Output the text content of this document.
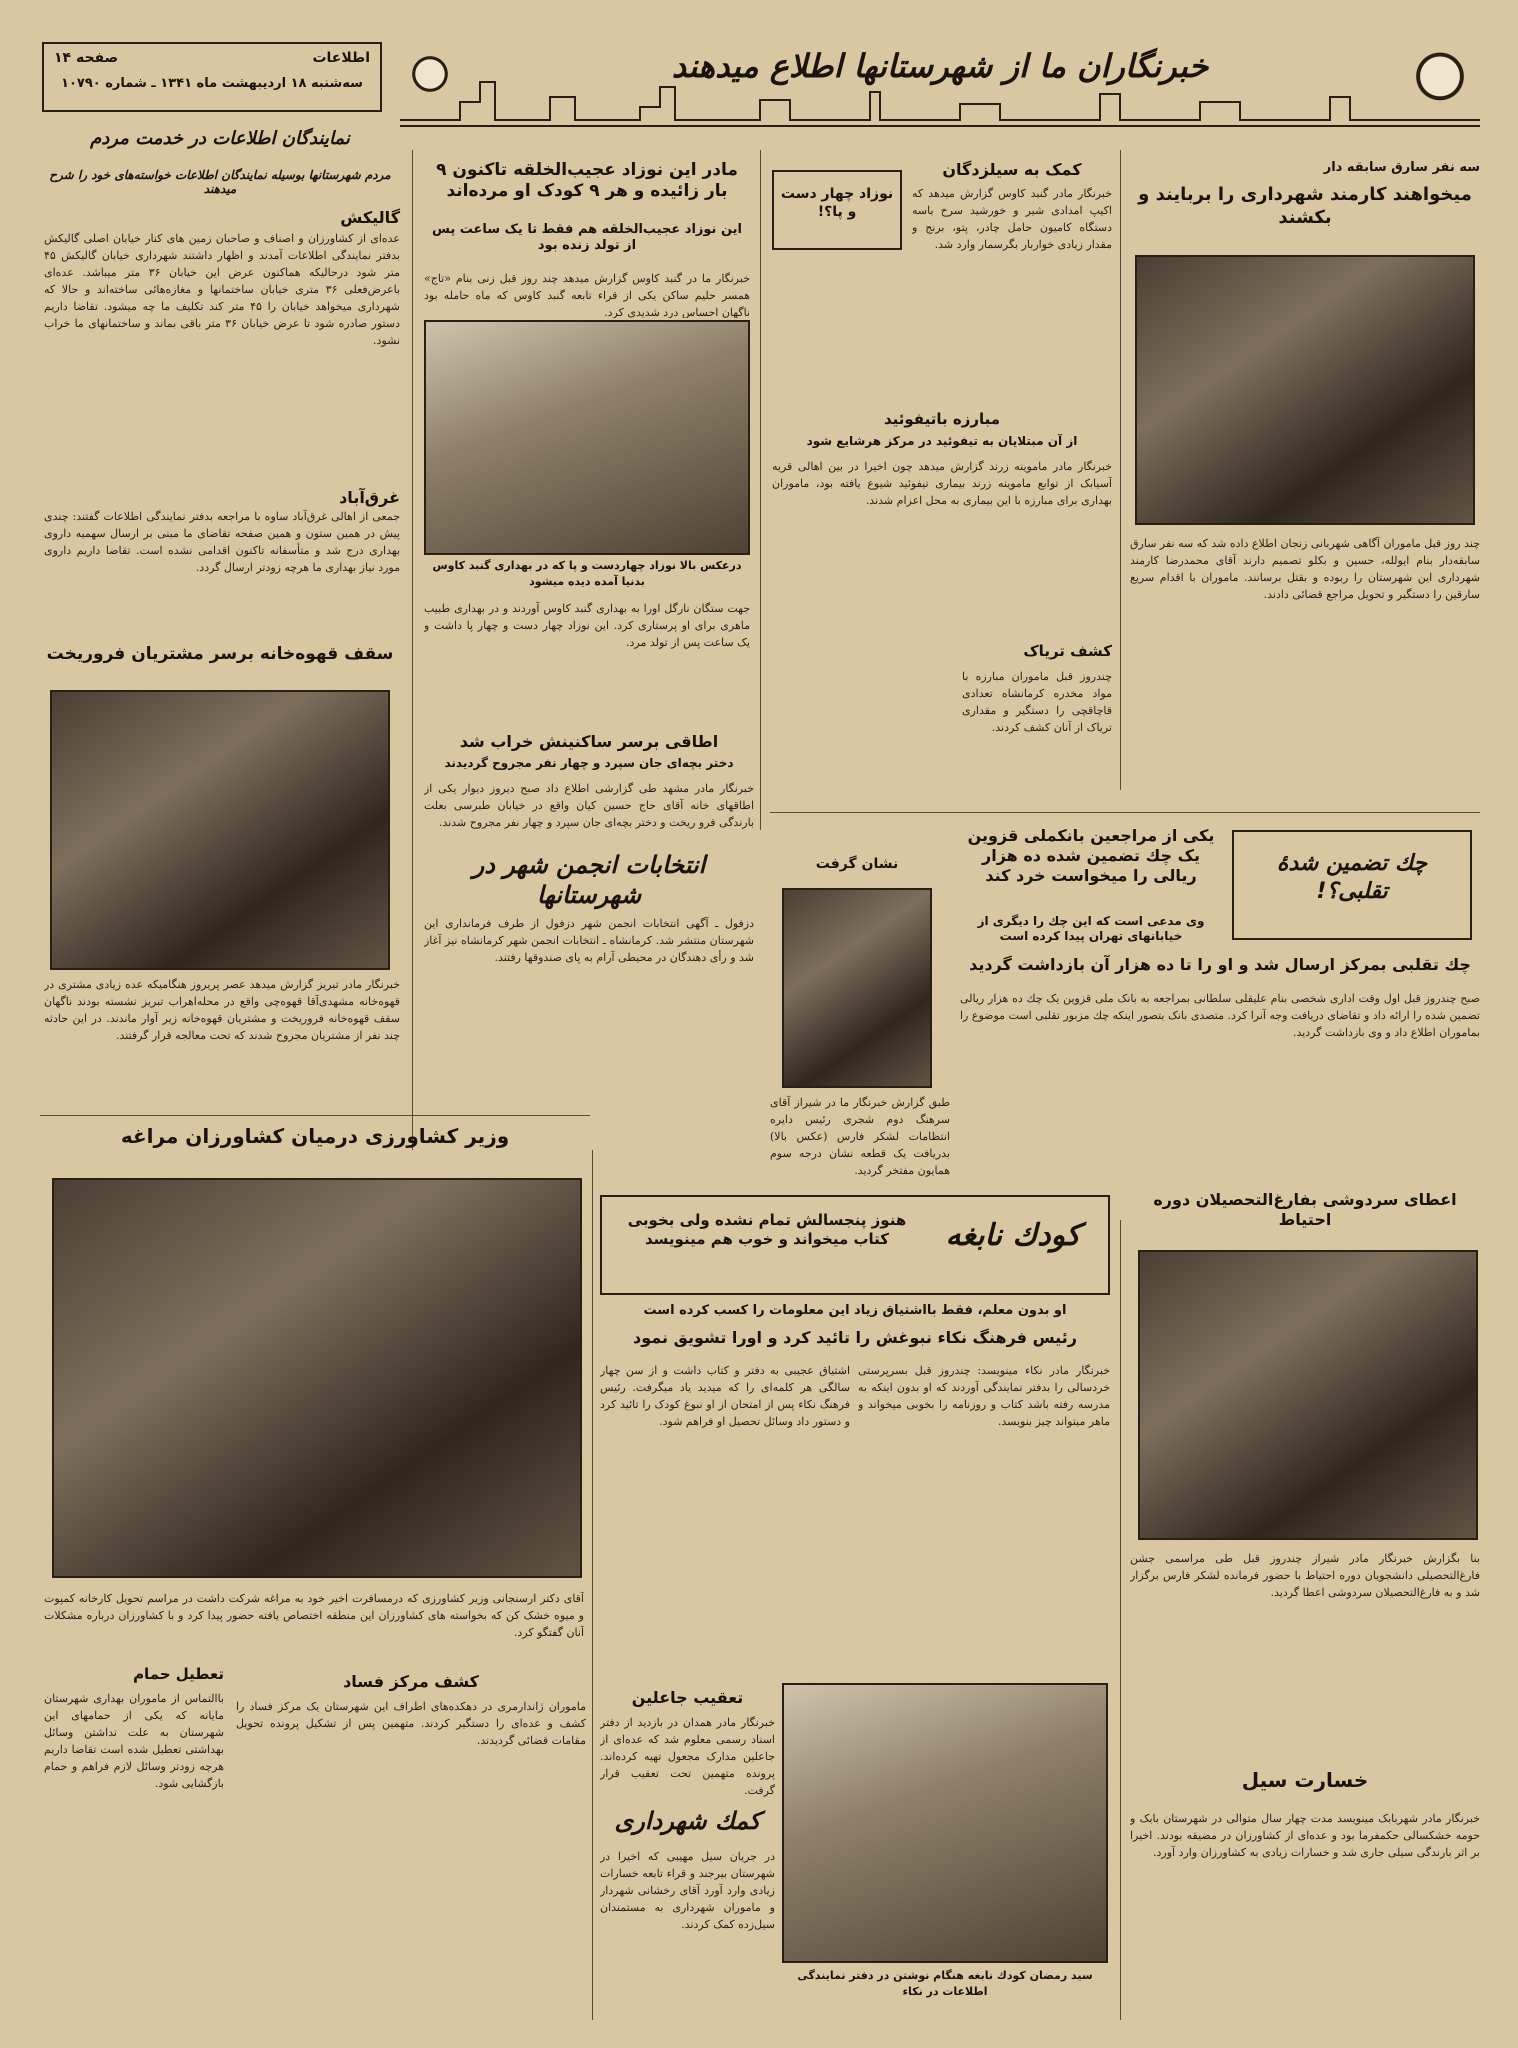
اطلاعات
صفحه ۱۴
سه‌شنبه ۱۸ اردیبهشت ماه ۱۳۴۱ ـ شماره ۱۰۷۹۰	خبرنگاران ما از شهرستانها اطلاع میدهند
نمایندگان اطلاعات در خدمت مردم
مردم شهرستانها بوسیله نمایندگان اطلاعات خواسته‌های خود را شرح میدهند
گالیکش
عده‌ای از کشاورزان و اصناف و صاحبان زمین های کنار خیابان اصلی گالیکش بدفتر نمایندگی اطلاعات آمدند و اظهار داشتند شهرداری خیابان گالیکش ۴۵ متر شود درحالیکه هماکنون عرض این خیابان ۳۶ متر میباشد. عده‌ای باعرض‌فعلی ۳۶ متری خیابان ساختمانها و مغازه‌هائی ساخته‌اند و حالا که شهرداری میخواهد خیابان را ۴۵ متر کند تکلیف ما چه میشود. تقاضا داریم دستور صادره شود تا عرض خیابان ۳۶ متر باقی بماند و ساختمانهای ما خراب نشود.
غرق‌آباد
جمعی از اهالی غرق‌آباد ساوه با مراجعه بدفتر نمایندگی اطلاعات گفتند: چندی پیش در همین ستون و همین صفحه تقاضای ما مبنی بر ارسال سهمیه داروی بهداری درج شد و متأسفانه تاکنون اقدامی نشده است. تقاضا داریم داروی مورد نیاز بهداری ما هرچه زودتر ارسال گردد.
سقف قهوه‌خانه برسر مشتریان فروریخت
خبرنگار مادر تبریز گزارش میدهد عصر پریروز هنگامیکه عده زیادی مشتری در قهوه‌خانه مشهدی‌آقا قهوه‌چی واقع در محله‌اهراب تبریز نشسته بودند ناگهان سقف قهوه‌خانه فروریخت و مشتریان قهوه‌خانه زیر آوار ماندند. در این حادثه چند نفر از مشتریان مجروح شدند که تحت معالجه قرار گرفتند.
مادر این نوزاد عجیب‌الخلقه تاکنون ۹ بار زائیده و هر ۹ کودک او مرده‌اند
این نوزاد عجیب‌الخلقه هم فقط تا یک ساعت پس از تولد زنده بود
خبرنگار ما در گنبد کاوس گزارش میدهد چند روز قبل زنی بنام «تاج» همسر حلیم ساکن یکی از قراء تابعه گنبد کاوس که ماه حامله بود ناگهان احساس درد شدیدی کرد.
درعکس بالا نوزاد چهاردست و پا که در بهداری گنبد کاوس بدنیا آمده دیده میشود
جهت ستگان نارگل اورا به بهداری گنبد کاوس آوردند و در بهداری طبیب ماهری برای او پرستاری کرد. این نوزاد چهار دست و چهار پا داشت و یک ساعت پس از تولد مرد.
اطاقی برسر ساکنینش خراب شد
دختر بچه‌ای جان سپرد و چهار نفر مجروح گردیدند
خبرنگار مادر مشهد طی گزارشی اطلاع داد صبح دیروز دیوار یکی از اطاقهای خانه آقای حاج حسین کیان واقع در خیابان طبرسی بعلت بارندگی فرو ریخت و دختر بچه‌ای جان سپرد و چهار نفر مجروح شدند.
انتخابات انجمن شهر در شهرستانها
دزفول ـ آگهی انتخابات انجمن شهر دزفول از طرف فرمانداری این شهرستان منتشر شد. کرمانشاه ـ انتخابات انجمن شهر کرمانشاه نیز آغاز شد و رأی دهندگان در محیطی آرام به پای صندوقها رفتند.
نوزاد چهار دست و پا؟!
کمک به سیلزدگان
خبرنگار مادر گنبد کاوس گزارش میدهد که اکیپ امدادی شیر و خورشید سرخ باسه دستگاه کامیون حامل چادر، پتو، برنج و مقدار زیادی خواربار بگرسمار وارد شد.
مبارزه باتیفوئید
از آن مبتلایان به تیفوئید در مرکز هرشایع شود
خبرنگار مادر ماموینه زرند گزارش میدهد چون اخیرا در بین اهالی قریه آسیابک از توابع ماموینه زرند بیماری تیفوئید شیوع یافته بود، ماموران بهداری برای مبارزه با این بیماری به محل اعزام شدند.
کشف تریاک
چندروز قبل ماموران مبارزه با مواد مخدره کرمانشاه تعدادی قاچاقچی را دستگیر و مقداری تریاک از آنان کشف کردند.
سه نفر سارق سابقه دار
میخواهند کارمند شهرداری را بربایند و بکشند
چند روز قبل ماموران آگاهی شهربانی زنجان اطلاع داده شد که سه نفر سارق سابقه‌دار بنام ایولله، حسین و بکلو تصمیم دارند آقای محمدرضا کارمند شهرداری این شهرستان را ربوده و بقتل برسانند. ماموران با اقدام سریع سارقین را دستگیر و تحویل مراجع قضائی دادند.
چك تضمین شدهٔ تقلبی؟!
یکی از مراجعین بانکملی قزوین یک چك تضمین شده ده هزار ریالی را میخواست خرد کند
وی مدعی است که این چك را دیگری از خیابانهای تهران پیدا کرده است
چك تقلبی بمرکز ارسال شد و او را تا ده هزار آن بازداشت گردید
صبح چندروز قبل اول وقت اداری شخصی بنام علیقلی سلطانی بمراجعه به بانک ملی قزوین یک چك ده هزار ریالی تضمین شده را ارائه داد و تقاضای دریافت وجه آنرا کرد. متصدی بانک بتصور اینکه چك مزبور تقلبی است موضوع را بماموران اطلاع داد و وی بازداشت گردید.
نشان گرفت
طبق گزارش خبرنگار ما در شیراز آقای سرهنگ دوم شجری رئیس دایره انتظامات لشکر فارس (عکس بالا) بدریافت یک قطعه نشان درجه سوم همایون مفتخر گردید.
وزیر کشاورزی درمیان کشاورزان مراغه
آقای دکتر ارسنجانی وزیر کشاورزی که درمسافرت اخیر خود به مراغه شرکت داشت در مراسم تحویل کارخانه کمپوت و میوه خشک کن که بخواسته های کشاورزان این منطقه اختصاص یافته حضور پیدا کرد و با کشاورزان درباره مشکلات آنان گفتگو کرد.
تعطیل حمام
باالتماس از ماموران بهداری شهرستان مایانه که یکی از حمامهای این شهرستان به علت نداشتن وسائل بهداشتی تعطیل شده است تقاضا داریم هرچه زودتر وسائل لازم فراهم و حمام بازگشایی شود.
کشف مرکز فساد
ماموران ژاندارمری در دهکده‌های اطراف این شهرستان یک مرکز فساد را کشف و عده‌ای را دستگیر کردند. متهمین پس از تشکیل پرونده تحویل مقامات قضائی گردیدند.
کودك نابغه
هنوز پنجسالش تمام نشده ولی بخوبی کتاب میخواند و خوب هم مینویسد
او بدون معلم، فقط بااشتیاق زیاد این معلومات را کسب کرده است
رئیس فرهنگ نکاء نبوغش را تائید کرد و اورا تشویق نمود
خبرنگار مادر نکاء مینویسد: چندروز قبل بسرپرستی خردسالی را بدفتر نمایندگی آوردند که او بدون اینکه به مدرسه رفته باشد کتاب و روزنامه را بخوبی میخواند و ماهر میتواند چیز بنویسد.
اشتیاق عجیبی به دفتر و کتاب داشت و از سن چهار سالگی هر کلمه‌ای را که میدید یاد میگرفت. رئیس فرهنگ نکاء پس از امتحان از او نبوغ کودک را تائید کرد و دستور داد وسائل تحصیل او فراهم شود.
سید رمضان کودك نابغه هنگام نوشتن در دفتر نمایندگی اطلاعات در نکاء
تعقیب جاعلین
خبرنگار مادر همدان در بازدید از دفتر اسناد رسمی معلوم شد که عده‌ای از جاعلین مدارک مجعول تهیه کرده‌اند. پرونده متهمین تحت تعقیب قرار گرفت.
کمك شهرداری
در جریان سیل مهیبی که اخیرا در شهرستان بیرجند و قراء تابعه خسارات زیادی وارد آورد آقای رخشانی شهردار و ماموران شهرداری به مستمندان سیل‌زده کمک کردند.
اعطای سردوشی بفارغ‌التحصیلان دوره احتیاط
بنا بگزارش خبرنگار مادر شیراز چندروز قبل طی مراسمی جشن فارغ‌التحصیلی دانشجویان دوره احتیاط با حضور فرمانده لشکر فارس برگزار شد و به فارغ‌التحصیلان سردوشی اعطا گردید.
خسارت سیل
خبرنگار مادر شهربابک مینویسد مدت چهار سال متوالی در شهرستان بابک و حومه خشکسالی حکمفرما بود و عده‌ای از کشاورزان در مضیقه بودند. اخیرا بر اثر بارندگی سیلی جاری شد و خسارات زیادی به کشاورزان وارد آورد.
